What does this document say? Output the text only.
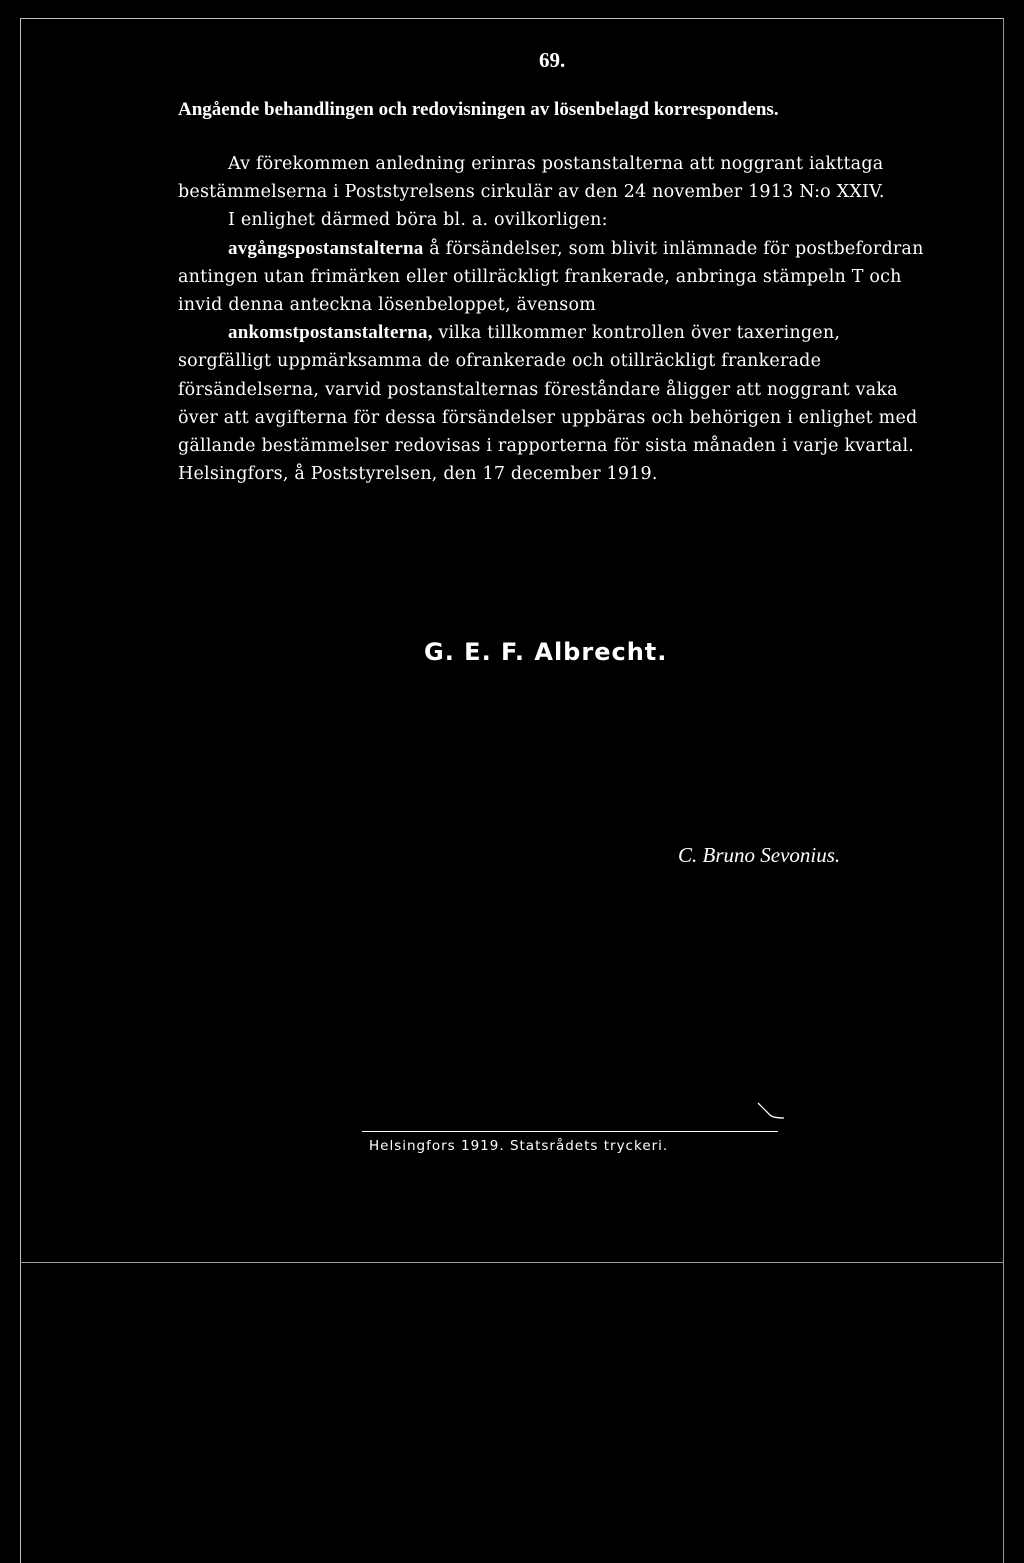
69.
Angående behandlingen och redovisningen av lösenbelagd korrespondens.

Av förekommen anledning erinras postanstalterna att noggrant iakttaga bestämmelserna i Poststyrelsens cirkulär av den 24 november 1913 N:o XXIV.

I enlighet därmed böra bl. a. ovilkorligen:

avgångspostanstalterna å försändelser, som blivit inlämnade för postbefordran antingen utan frimärken eller otillräckligt frankerade, anbringa stämpeln T och invid denna anteckna lösenbeloppet, ävensom

ankomstpostanstalterna, vilka tillkommer kontrollen över taxeringen, sorgfälligt uppmärksamma de ofrankerade och otillräckligt frankerade försändelserna, varvid postanstalternas föreståndare åligger att noggrant vaka över att avgifterna för dessa försändelser uppbäras och behörigen i enlighet med gällande bestämmelser redovisas i rapporterna för sista månaden i varje kvartal. Helsingfors, å Poststyrelsen, den 17 december 1919.

G. E. F. Albrecht.
C. Bruno Sevonius.
Helsingfors 1919. Statsrådets tryckeri.
